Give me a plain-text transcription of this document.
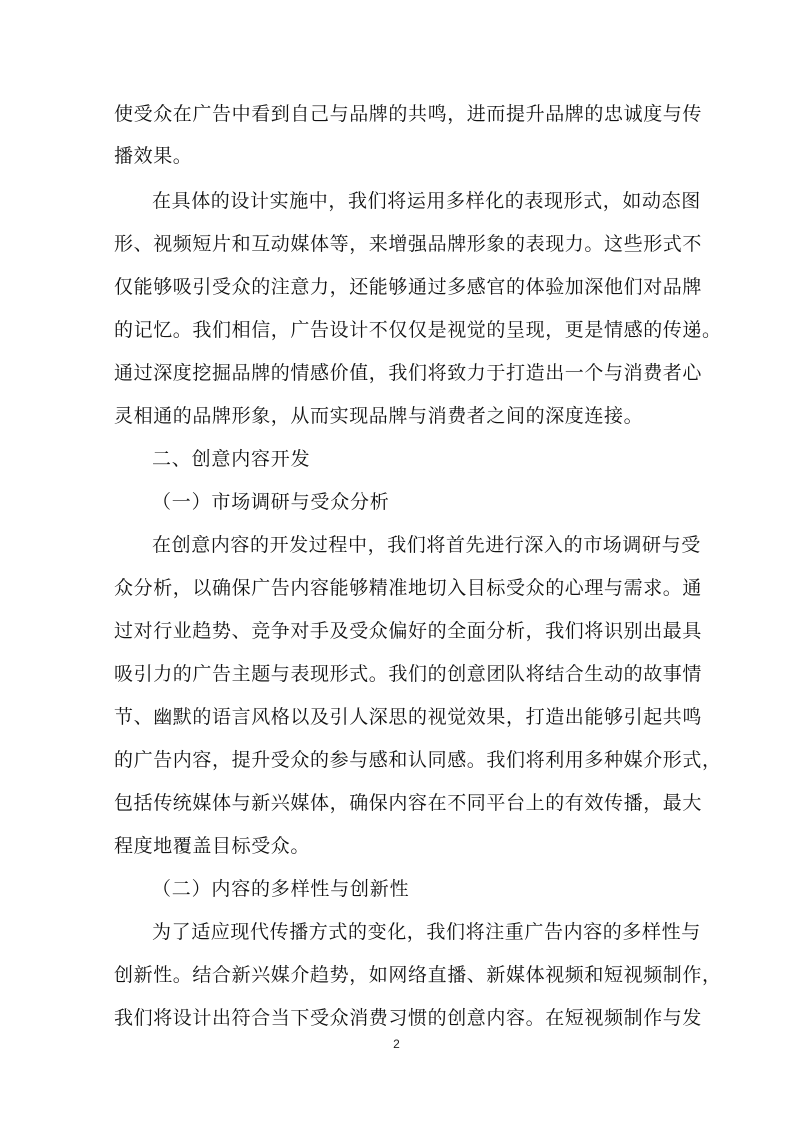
使受众在广告中看到自己与品牌的共鸣，进而提升品牌的忠诚度与传
播效果。
在具体的设计实施中，我们将运用多样化的表现形式，如动态图
形、视频短片和互动媒体等，来增强品牌形象的表现力。这些形式不
仅能够吸引受众的注意力，还能够通过多感官的体验加深他们对品牌
的记忆。我们相信，广告设计不仅仅是视觉的呈现，更是情感的传递。
通过深度挖掘品牌的情感价值，我们将致力于打造出一个与消费者心
灵相通的品牌形象，从而实现品牌与消费者之间的深度连接。
二、创意内容开发
（一）市场调研与受众分析
在创意内容的开发过程中，我们将首先进行深入的市场调研与受
众分析，以确保广告内容能够精准地切入目标受众的心理与需求。通
过对行业趋势、竞争对手及受众偏好的全面分析，我们将识别出最具
吸引力的广告主题与表现形式。我们的创意团队将结合生动的故事情
节、幽默的语言风格以及引人深思的视觉效果，打造出能够引起共鸣
的广告内容，提升受众的参与感和认同感。我们将利用多种媒介形式，
包括传统媒体与新兴媒体，确保内容在不同平台上的有效传播，最大
程度地覆盖目标受众。
（二）内容的多样性与创新性
为了适应现代传播方式的变化，我们将注重广告内容的多样性与
创新性。结合新兴媒介趋势，如网络直播、新媒体视频和短视频制作，
我们将设计出符合当下受众消费习惯的创意内容。在短视频制作与发
2
